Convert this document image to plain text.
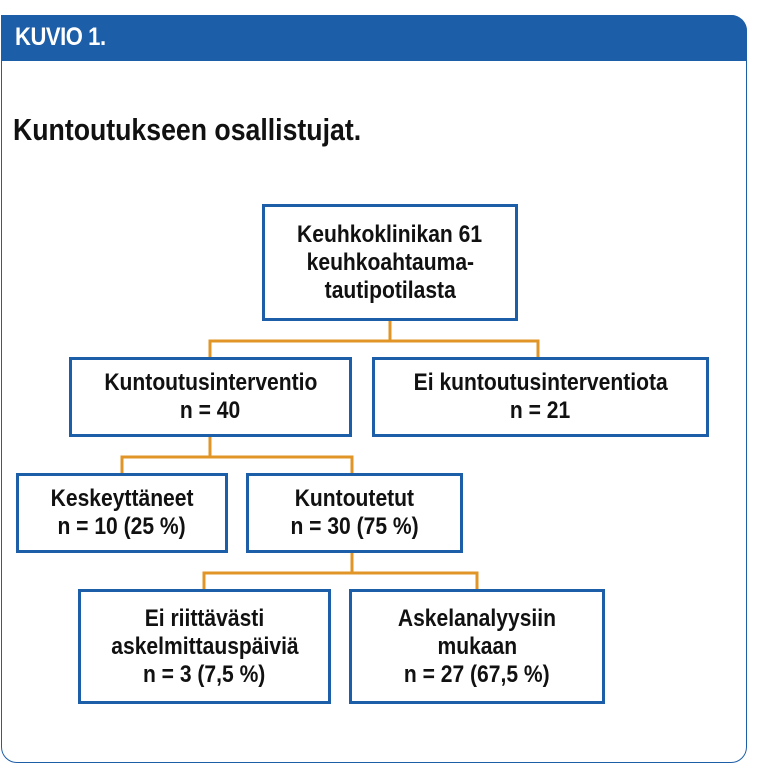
KUVIO 1.
Kuntoutukseen osallistujat.
Keuhkoklinikan 61
keuhkoahtauma-
tautipotilasta
Kuntoutusinterventio
n = 40
Ei kuntoutusinterventiota
n = 21
Keskeyttäneet
n = 10 (25 %)
Kuntoutetut
n = 30 (75 %)
Ei riittävästi
askelmittauspäiviä
n = 3 (7,5 %)
Askelanalyysiin
mukaan
n = 27 (67,5 %)
